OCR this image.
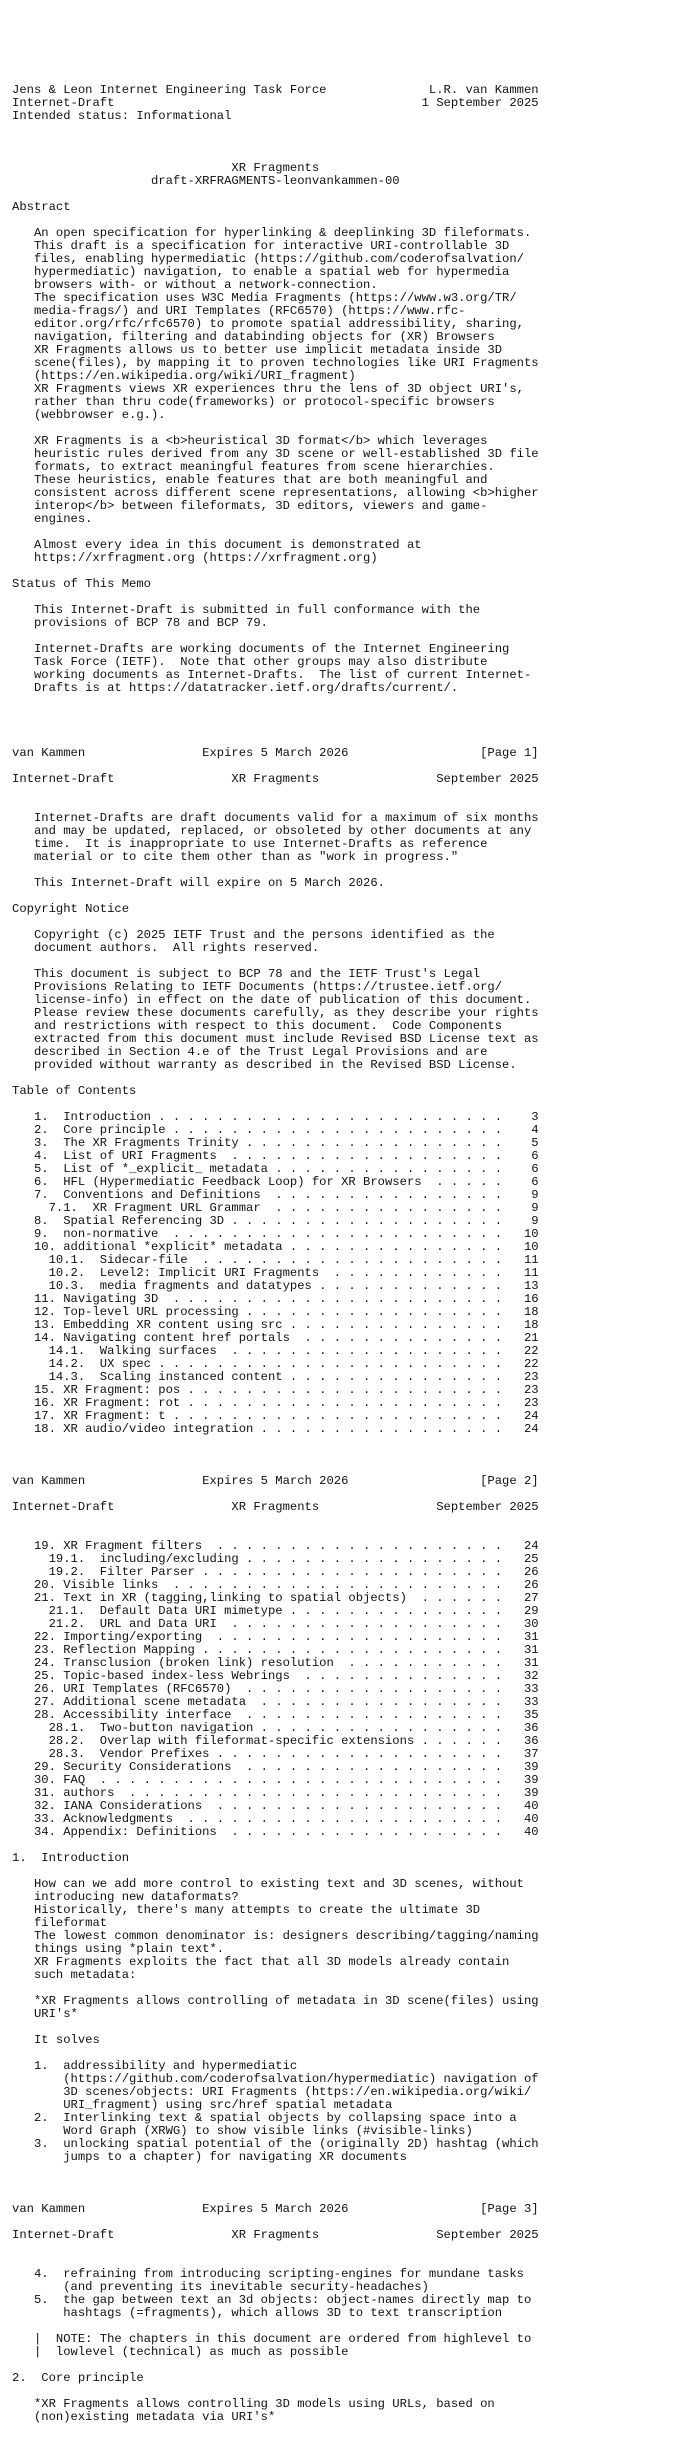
Jens & Leon Internet Engineering Task Force              L.R. van Kammen
Internet-Draft                                          1 September 2025
Intended status: Informational
XR Fragments
draft-XRFRAGMENTS-leonvankammen-00
Abstract
An open specification for hyperlinking & deeplinking 3D fileformats.
This draft is a specification for interactive URI-controllable 3D
files, enabling hypermediatic (https://github.com/coderofsalvation/
hypermediatic) navigation, to enable a spatial web for hypermedia
browsers with- or without a network-connection.
The specification uses W3C Media Fragments (https://www.w3.org/TR/
media-frags/) and URI Templates (RFC6570) (https://www.rfc-
editor.org/rfc/rfc6570) to promote spatial addressibility, sharing,
navigation, filtering and databinding objects for (XR) Browsers
XR Fragments allows us to better use implicit metadata inside 3D
scene(files), by mapping it to proven technologies like URI Fragments
(https://en.wikipedia.org/wiki/URI_fragment)
XR Fragments views XR experiences thru the lens of 3D object URI's,
rather than thru code(frameworks) or protocol-specific browsers
(webbrowser e.g.).
XR Fragments is a <b>heuristical 3D format</b> which leverages
heuristic rules derived from any 3D scene or well-established 3D file
formats, to extract meaningful features from scene hierarchies.
These heuristics, enable features that are both meaningful and
consistent across different scene representations, allowing <b>higher
interop</b> between fileformats, 3D editors, viewers and game-
engines.
Almost every idea in this document is demonstrated at
https://xrfragment.org (https://xrfragment.org)
Status of This Memo
This Internet-Draft is submitted in full conformance with the
provisions of BCP 78 and BCP 79.
Internet-Drafts are working documents of the Internet Engineering
Task Force (IETF).  Note that other groups may also distribute
working documents as Internet-Drafts.  The list of current Internet-
Drafts is at https://datatracker.ietf.org/drafts/current/.
van Kammen                Expires 5 March 2026                  [Page 1]
Internet-Draft                XR Fragments                September 2025
Internet-Drafts are draft documents valid for a maximum of six months
and may be updated, replaced, or obsoleted by other documents at any
time.  It is inappropriate to use Internet-Drafts as reference
material or to cite them other than as "work in progress."
This Internet-Draft will expire on 5 March 2026.
Copyright Notice
Copyright (c) 2025 IETF Trust and the persons identified as the
document authors.  All rights reserved.
This document is subject to BCP 78 and the IETF Trust's Legal
Provisions Relating to IETF Documents (https://trustee.ietf.org/
license-info) in effect on the date of publication of this document.
Please review these documents carefully, as they describe your rights
and restrictions with respect to this document.  Code Components
extracted from this document must include Revised BSD License text as
described in Section 4.e of the Trust Legal Provisions and are
provided without warranty as described in the Revised BSD License.
Table of Contents
1.  Introduction . . . . . . . . . . . . . . . . . . . . . . . .    3
2.  Core principle . . . . . . . . . . . . . . . . . . . . . . .    4
3.  The XR Fragments Trinity . . . . . . . . . . . . . . . . . .    5
4.  List of URI Fragments  . . . . . . . . . . . . . . . . . . .    6
5.  List of *_explicit_ metadata . . . . . . . . . . . . . . . .    6
6.  HFL (Hypermediatic Feedback Loop) for XR Browsers  . . . . .    6
7.  Conventions and Definitions  . . . . . . . . . . . . . . . .    9
7.1.  XR Fragment URL Grammar  . . . . . . . . . . . . . . . .    9
8.  Spatial Referencing 3D . . . . . . . . . . . . . . . . . . .    9
9.  non-normative  . . . . . . . . . . . . . . . . . . . . . . .   10
10. additional *explicit* metadata . . . . . . . . . . . . . . .   10
10.1.  Sidecar-file  . . . . . . . . . . . . . . . . . . . . .   11
10.2.  Level2: Implicit URI Fragments  . . . . . . . . . . . .   11
10.3.  media fragments and datatypes . . . . . . . . . . . . .   13
11. Navigating 3D  . . . . . . . . . . . . . . . . . . . . . . .   16
12. Top-level URL processing . . . . . . . . . . . . . . . . . .   18
13. Embedding XR content using src . . . . . . . . . . . . . . .   18
14. Navigating content href portals  . . . . . . . . . . . . . .   21
14.1.  Walking surfaces  . . . . . . . . . . . . . . . . . . .   22
14.2.  UX spec . . . . . . . . . . . . . . . . . . . . . . . .   22
14.3.  Scaling instanced content . . . . . . . . . . . . . . .   23
15. XR Fragment: pos . . . . . . . . . . . . . . . . . . . . . .   23
16. XR Fragment: rot . . . . . . . . . . . . . . . . . . . . . .   23
17. XR Fragment: t . . . . . . . . . . . . . . . . . . . . . . .   24
18. XR audio/video integration . . . . . . . . . . . . . . . . .   24
van Kammen                Expires 5 March 2026                  [Page 2]
Internet-Draft                XR Fragments                September 2025
19. XR Fragment filters  . . . . . . . . . . . . . . . . . . . .   24
19.1.  including/excluding . . . . . . . . . . . . . . . . . .   25
19.2.  Filter Parser . . . . . . . . . . . . . . . . . . . . .   26
20. Visible links  . . . . . . . . . . . . . . . . . . . . . . .   26
21. Text in XR (tagging,linking to spatial objects)  . . . . . .   27
21.1.  Default Data URI mimetype . . . . . . . . . . . . . . .   29
21.2.  URL and Data URI  . . . . . . . . . . . . . . . . . . .   30
22. Importing/exporting  . . . . . . . . . . . . . . . . . . . .   31
23. Reflection Mapping . . . . . . . . . . . . . . . . . . . . .   31
24. Transclusion (broken link) resolution  . . . . . . . . . . .   31
25. Topic-based index-less Webrings  . . . . . . . . . . . . . .   32
26. URI Templates (RFC6570)  . . . . . . . . . . . . . . . . . .   33
27. Additional scene metadata  . . . . . . . . . . . . . . . . .   33
28. Accessibility interface  . . . . . . . . . . . . . . . . . .   35
28.1.  Two-button navigation . . . . . . . . . . . . . . . . .   36
28.2.  Overlap with fileformat-specific extensions . . . . . .   36
28.3.  Vendor Prefixes . . . . . . . . . . . . . . . . . . . .   37
29. Security Considerations  . . . . . . . . . . . . . . . . . .   39
30. FAQ  . . . . . . . . . . . . . . . . . . . . . . . . . . . .   39
31. authors  . . . . . . . . . . . . . . . . . . . . . . . . . .   39
32. IANA Considerations  . . . . . . . . . . . . . . . . . . . .   40
33. Acknowledgments  . . . . . . . . . . . . . . . . . . . . . .   40
34. Appendix: Definitions  . . . . . . . . . . . . . . . . . . .   40
1.  Introduction
How can we add more control to existing text and 3D scenes, without
introducing new dataformats?
Historically, there's many attempts to create the ultimate 3D
fileformat
The lowest common denominator is: designers describing/tagging/naming
things using *plain text*.
XR Fragments exploits the fact that all 3D models already contain
such metadata:
*XR Fragments allows controlling of metadata in 3D scene(files) using
URI's*
It solves
1.  addressibility and hypermediatic
(https://github.com/coderofsalvation/hypermediatic) navigation of
3D scenes/objects: URI Fragments (https://en.wikipedia.org/wiki/
URI_fragment) using src/href spatial metadata
2.  Interlinking text & spatial objects by collapsing space into a
Word Graph (XRWG) to show visible links (#visible-links)
3.  unlocking spatial potential of the (originally 2D) hashtag (which
jumps to a chapter) for navigating XR documents
van Kammen                Expires 5 March 2026                  [Page 3]
Internet-Draft                XR Fragments                September 2025
4.  refraining from introducing scripting-engines for mundane tasks
(and preventing its inevitable security-headaches)
5.  the gap between text an 3d objects: object-names directly map to
hashtags (=fragments), which allows 3D to text transcription
|  NOTE: The chapters in this document are ordered from highlevel to
|  lowlevel (technical) as much as possible
2.  Core principle
*XR Fragments allows controlling 3D models using URLs, based on
(non)existing metadata via URI's*
